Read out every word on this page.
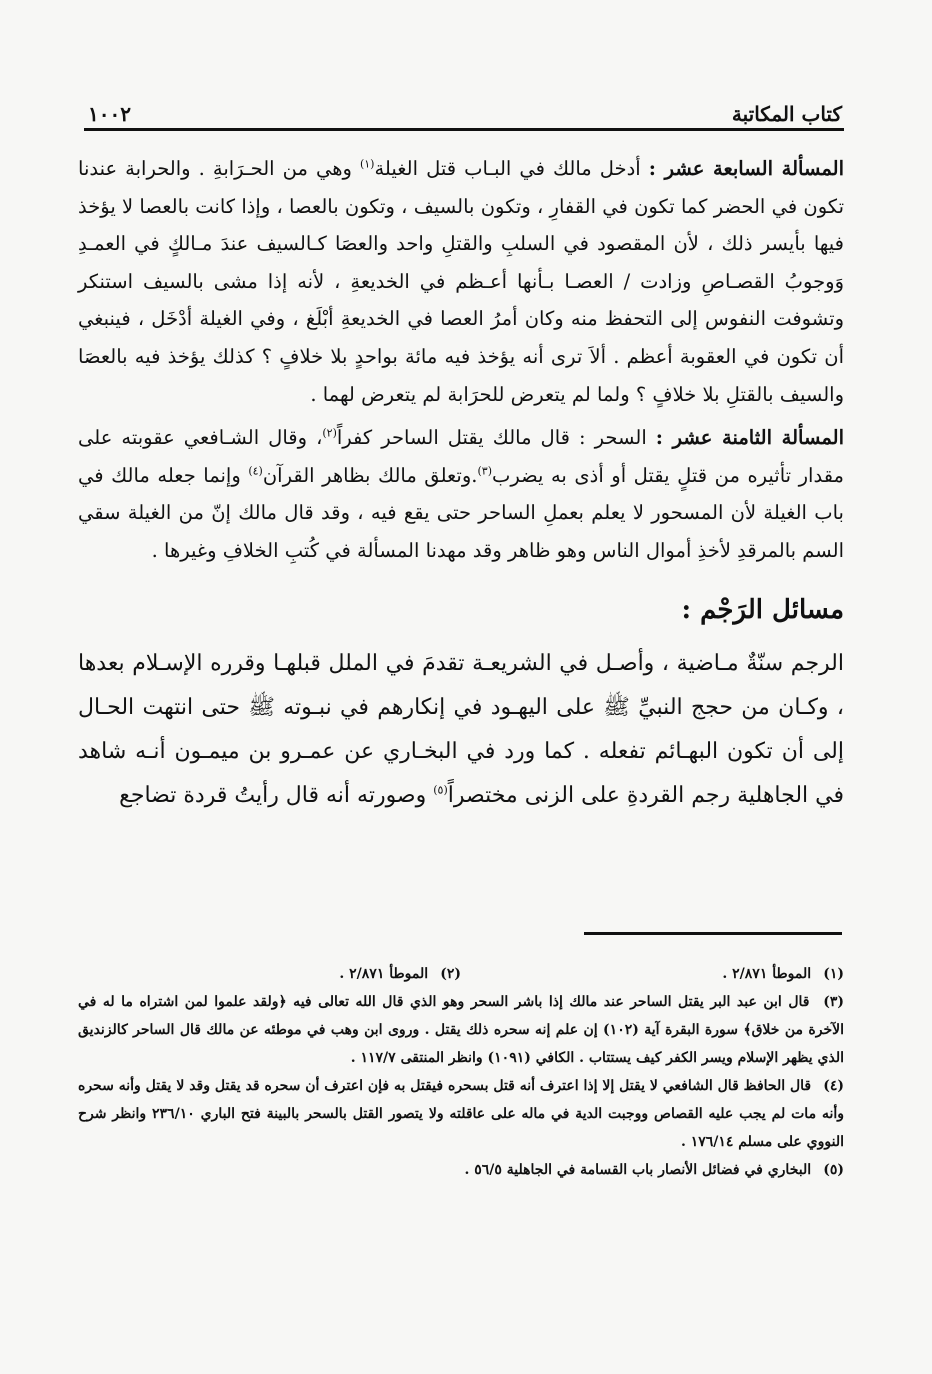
كتاب المكاتبة
١٠٠٢

المسألة السابعة عشر : أدخل مالك في البـاب قتل الغيلة$^{(١)}$ وهي من الحـرَابةِ . والحرابة عندنا تكون في الحضر كما تكون في القفارِ ، وتكون بالسيف ، وتكون بالعصا ، وإذا كانت بالعصا لا يؤخذ فيها بأيسر ذلك ، لأن المقصود في السلبِ والقتلِ واحد والعصَا كـالسيف عندَ مـالكٍ في العمـدِ وَوجوبُ القصـاصِ وزادت / العصـا بـأنها أعـظم في الخديعةِ ، لأنه إذا مشى بالسيف استنكر وتشوفت النفوس إلى التحفظ منه وكان أمرُ العصا في الخديعةِ أبْلَغ ، وفي الغيلة أدْخَل ، فينبغي أن تكون في العقوبة أعظم . ألاَ ترى أنه يؤخذ فيه مائة بواحدٍ بلا خلافٍ ؟ كذلك يؤخذ فيه بالعصَا والسيف بالقتلِ بلا خلافٍ ؟ ولما لم يتعرض للحرَابة لم يتعرض لهما .

المسألة الثامنة عشر : السحر : قال مالك يقتل الساحر كفراً$^{(٢)}$، وقال الشـافعي عقوبته على مقدار تأثيره من قتلٍ يقتل أو أذى به يضرب$^{(٣)}$.وتعلق مالك بظاهر القرآن$^{(٤)}$ وإنما جعله مالك في باب الغيلة لأن المسحور لا يعلم بعملِ الساحر حتى يقع فيه ، وقد قال مالك إنّ من الغيلة سقي السم بالمرقدِ لأخذِ أموال الناس وهو ظاهر وقد مهدنا المسألة في كُتبِ الخلافِ وغيرها .

مسائل الرَجْم :

الرجم سنّةٌ مـاضية ، وأصـل في الشريعـة تقدمَ في الملل قبلهـا وقرره الإسـلام بعدها ، وكـان من حجج النبيِّ ﷺ على اليهـود في إنكارهم في نبـوته ﷺ حتى انتهت الحـال إلى أن تكون البهـائم تفعله . كما ورد في البخـاري عن عمـرو بن ميمـون أنـه شاهد في الجاهلية رجم القردةِ على الزنى مختصراً$^{(٥)}$ وصورته أنه قال رأيتُ قردة تضاجع

(١) الموطأ ٢/٨٧١ .
(٢) الموطأ ٢/٨٧١ .

(٣) قال ابن عبد البر يقتل الساحر عند مالك إذا باشر السحر وهو الذي قال الله تعالى فيه ﴿ولقد علموا لمن اشتراه ما له في الآخرة من خلاق﴾ سورة البقرة آية (١٠٢) إن علم إنه سحره ذلك يقتل . وروى ابن وهب في موطئه عن مالك قال الساحر كالزنديق الذي يظهر الإسلام ويسر الكفر كيف يستتاب . الكافي (١٠٩١) وانظر المنتقى ١١٧/٧ .

(٤) قال الحافظ قال الشافعي لا يقتل إلا إذا اعترف أنه قتل بسحره فيقتل به فإن اعترف أن سحره قد يقتل وقد لا يقتل وأنه سحره وأنه مات لم يجب عليه القصاص ووجبت الدية في ماله على عاقلته ولا يتصور القتل بالسحر بالبينة فتح الباري ٢٣٦/١٠ وانظر شرح النووي على مسلم ١٧٦/١٤ .

(٥) البخاري في فضائل الأنصار باب القسامة في الجاهلية ٥٦/٥ .
